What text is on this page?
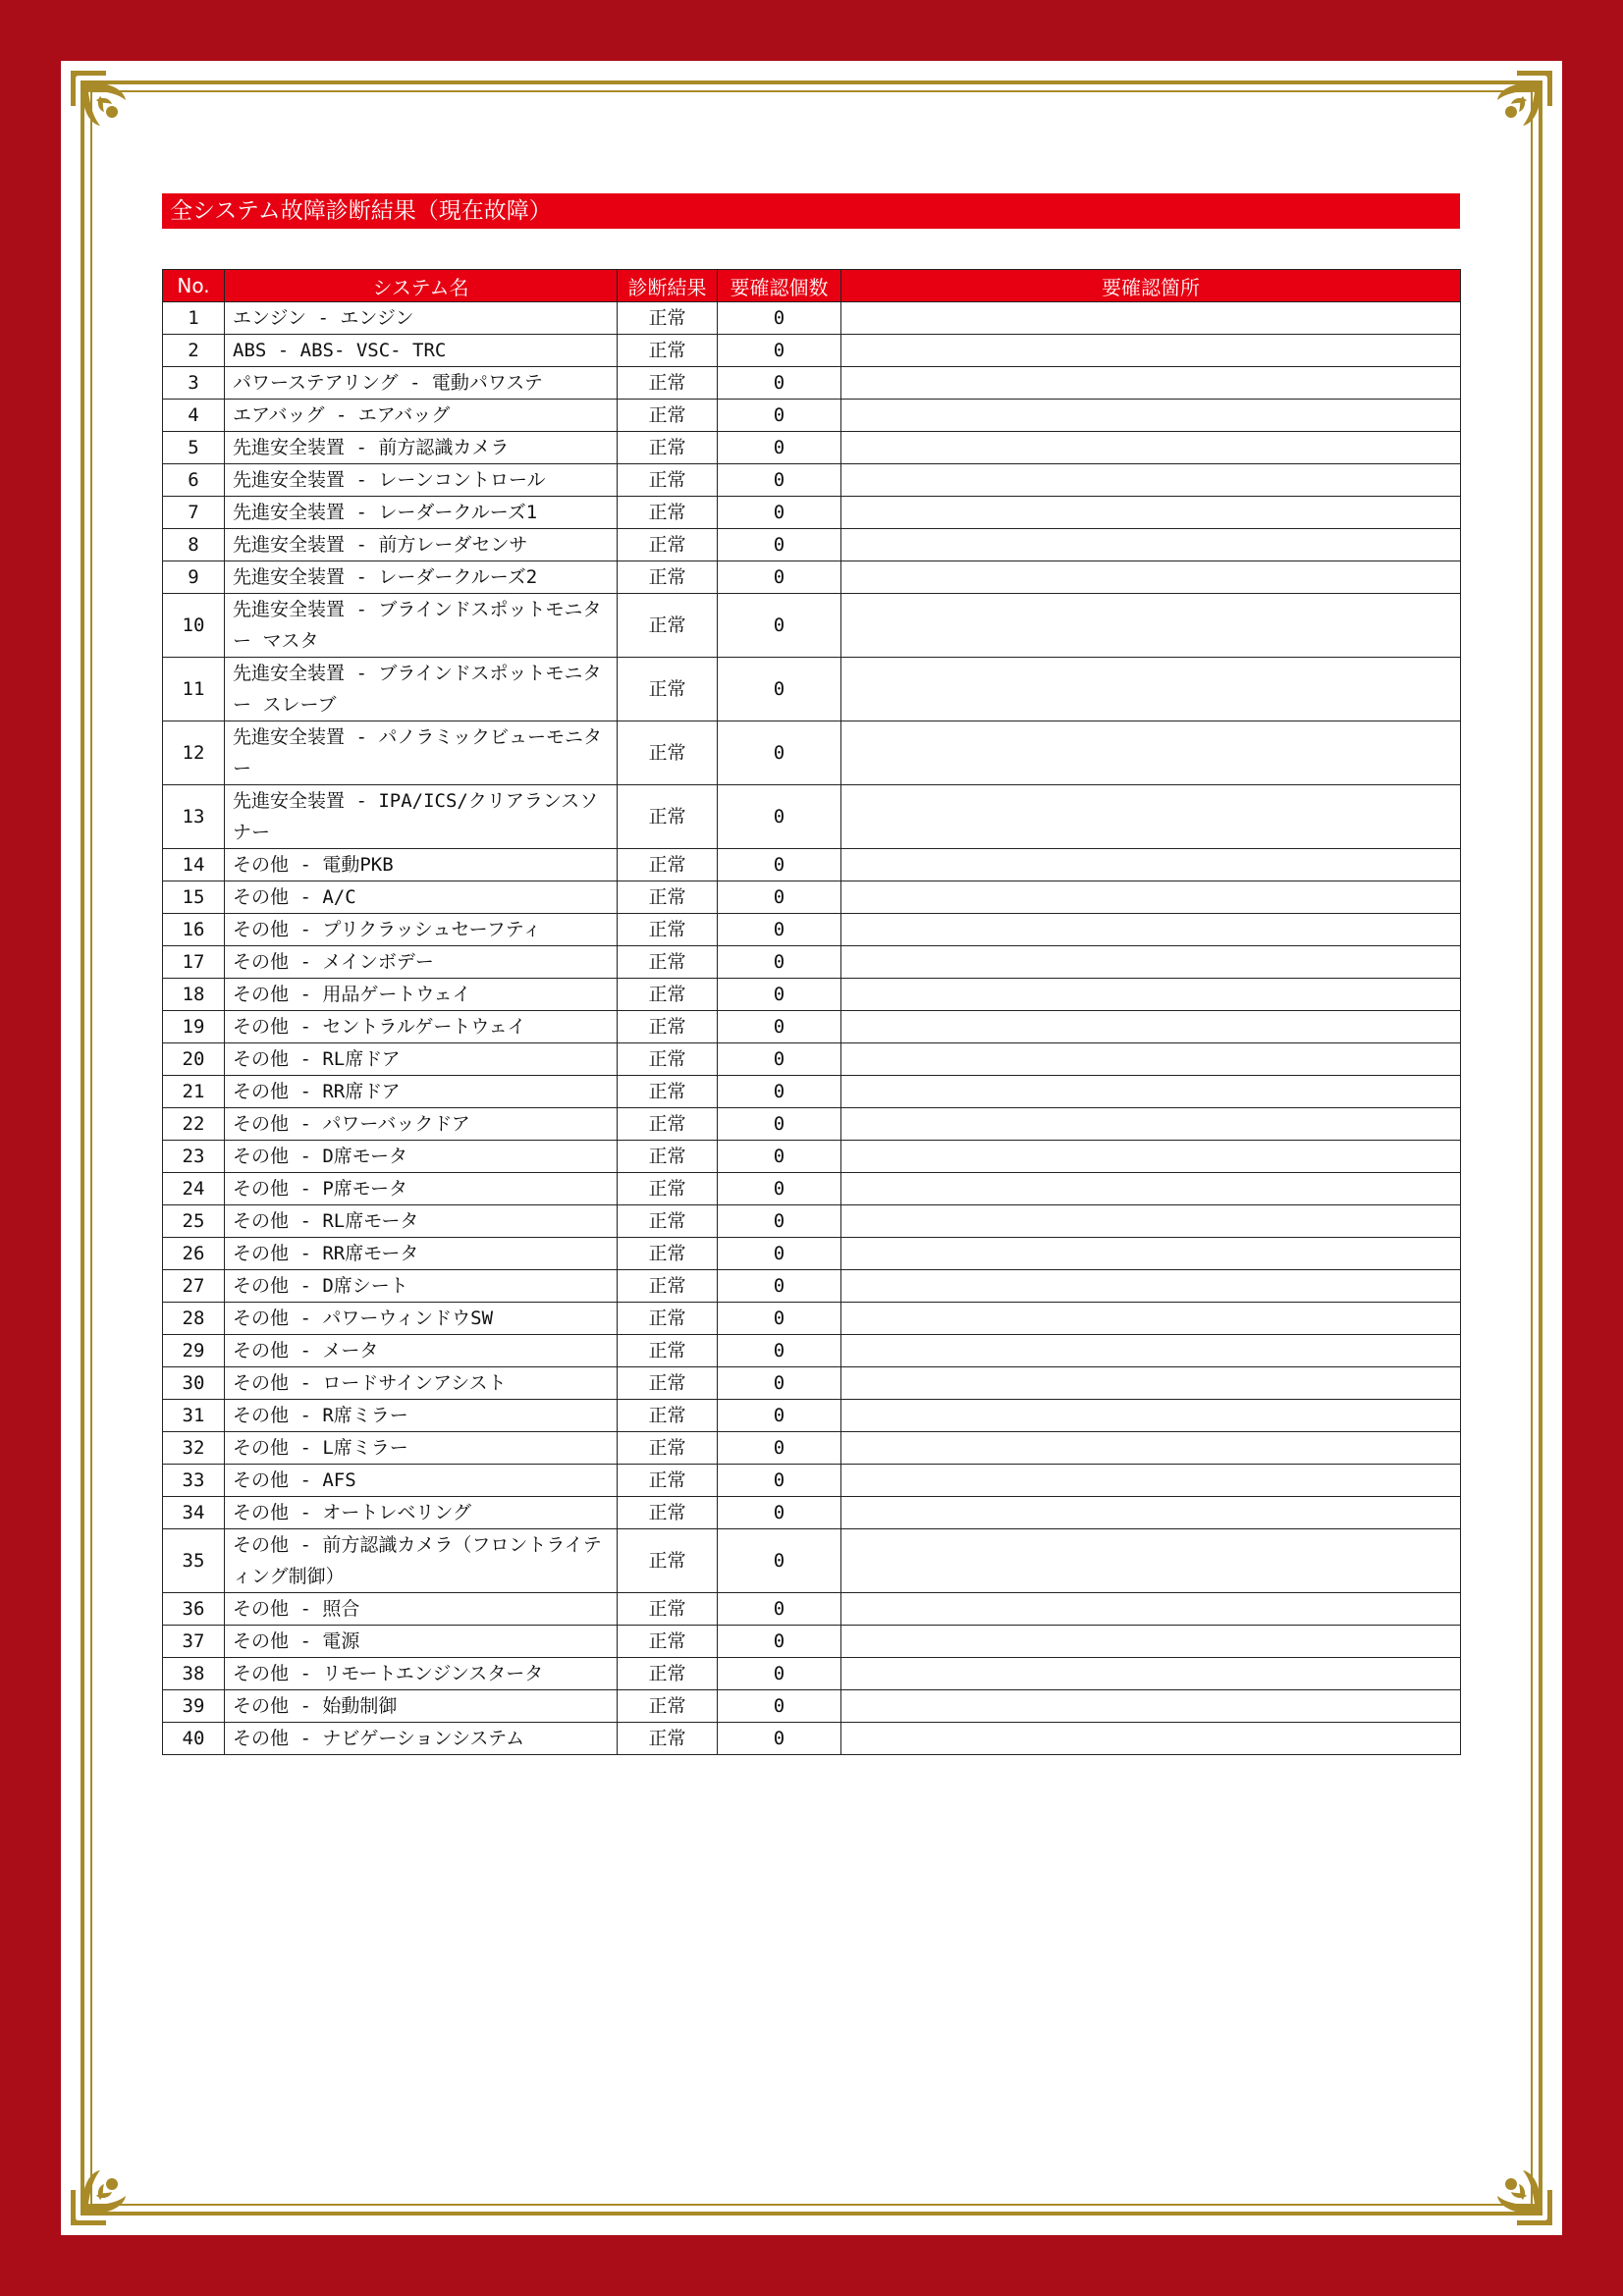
全システム故障診断結果（現在故障）
No.	システム名	診断結果	要確認個数	要確認箇所
1	エンジン - エンジン	正常	0	
2	ABS - ABS- VSC- TRC	正常	0	
3	パワーステアリング - 電動パワステ	正常	0	
4	エアバッグ - エアバッグ	正常	0	
5	先進安全装置 - 前方認識カメラ	正常	0	
6	先進安全装置 - レーンコントロール	正常	0	
7	先進安全装置 - レーダークルーズ1	正常	0	
8	先進安全装置 - 前方レーダセンサ	正常	0	
9	先進安全装置 - レーダークルーズ2	正常	0	
10	先進安全装置 - ブラインドスポットモニター マスタ	正常	0	
11	先進安全装置 - ブラインドスポットモニター スレーブ	正常	0	
12	先進安全装置 - パノラミックビューモニター	正常	0	
13	先進安全装置 - IPA/ICS/クリアランスソナー	正常	0	
14	その他 - 電動PKB	正常	0	
15	その他 - A/C	正常	0	
16	その他 - プリクラッシュセーフティ	正常	0	
17	その他 - メインボデー	正常	0	
18	その他 - 用品ゲートウェイ	正常	0	
19	その他 - セントラルゲートウェイ	正常	0	
20	その他 - RL席ドア	正常	0	
21	その他 - RR席ドア	正常	0	
22	その他 - パワーバックドア	正常	0	
23	その他 - D席モータ	正常	0	
24	その他 - P席モータ	正常	0	
25	その他 - RL席モータ	正常	0	
26	その他 - RR席モータ	正常	0	
27	その他 - D席シート	正常	0	
28	その他 - パワーウィンドウSW	正常	0	
29	その他 - メータ	正常	0	
30	その他 - ロードサインアシスト	正常	0	
31	その他 - R席ミラー	正常	0	
32	その他 - L席ミラー	正常	0	
33	その他 - AFS	正常	0	
34	その他 - オートレベリング	正常	0	
35	その他 - 前方認識カメラ（フロントライティング制御）	正常	0	
36	その他 - 照合	正常	0	
37	その他 - 電源	正常	0	
38	その他 - リモートエンジンスタータ	正常	0	
39	その他 - 始動制御	正常	0	
40	その他 - ナビゲーションシステム	正常	0	
